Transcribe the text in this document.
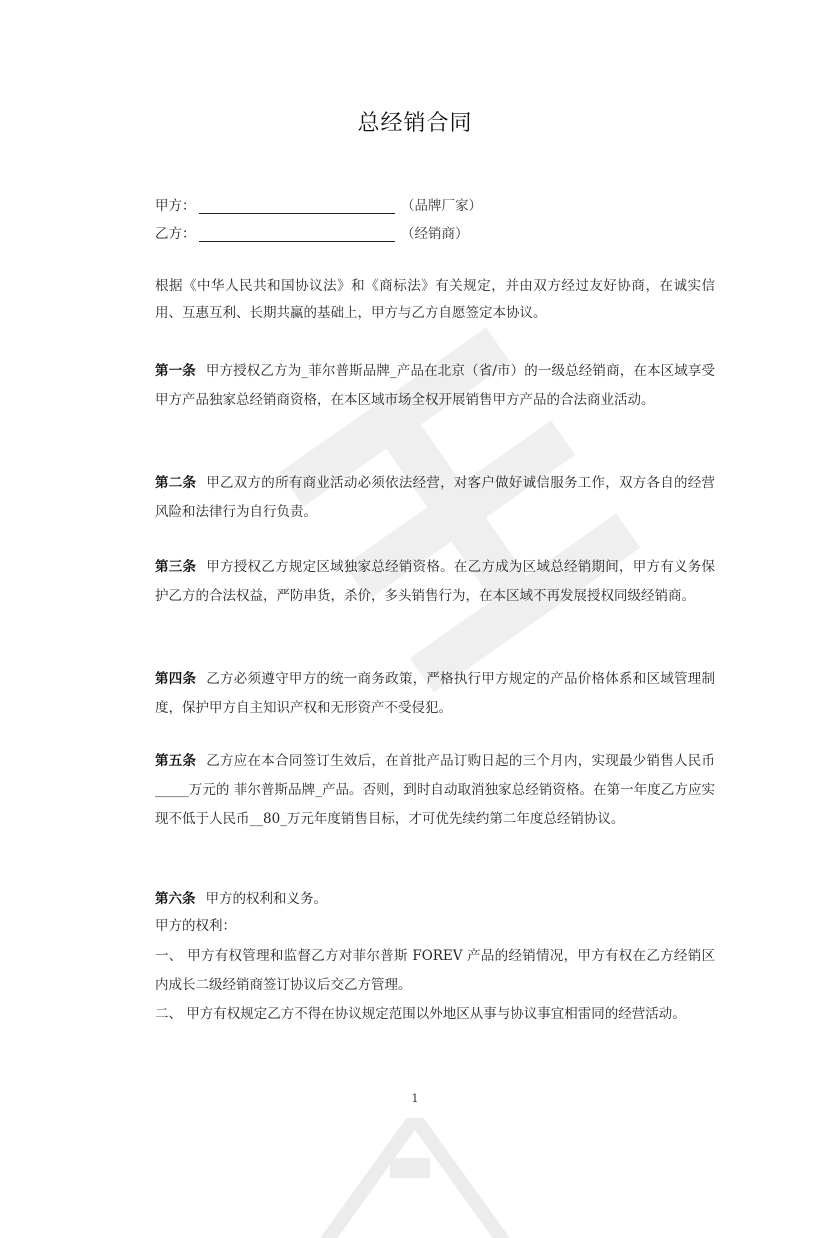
总经销合同
甲方：	（品牌厂家）
乙方：	（经销商）
根据《中华人民共和国协议法》和《商标法》有关规定，并由双方经过友好协商，在诚实信用、互惠互利、长期共赢的基础上，甲方与乙方自愿签定本协议。
第一条 甲方授权乙方为_菲尔普斯品牌_产品在北京（省/市）的一级总经销商，在本区域享受甲方产品独家总经销商资格，在本区域市场全权开展销售甲方产品的合法商业活动。
第二条 甲乙双方的所有商业活动必须依法经营，对客户做好诚信服务工作，双方各自的经营风险和法律行为自行负责。
第三条 甲方授权乙方规定区域独家总经销资格。在乙方成为区域总经销期间，甲方有义务保护乙方的合法权益，严防串货，杀价，多头销售行为，在本区域不再发展授权同级经销商。
第四条 乙方必须遵守甲方的统一商务政策，严格执行甲方规定的产品价格体系和区域管理制度，保护甲方自主知识产权和无形资产不受侵犯。
第五条 乙方应在本合同签订生效后，在首批产品订购日起的三个月内，实现最少销售人民币_____万元的 菲尔普斯品牌_产品。否则，到时自动取消独家总经销资格。在第一年度乙方应实现不低于人民币__80_万元年度销售目标，才可优先续约第二年度总经销协议。
第六条 甲方的权利和义务。
甲方的权利：
一、 甲方有权管理和监督乙方对菲尔普斯 FOREV 产品的经销情况，甲方有权在乙方经销区内成长二级经销商签订协议后交乙方管理。
二、 甲方有权规定乙方不得在协议规定范围以外地区从事与协议事宜相雷同的经营活动。
1
